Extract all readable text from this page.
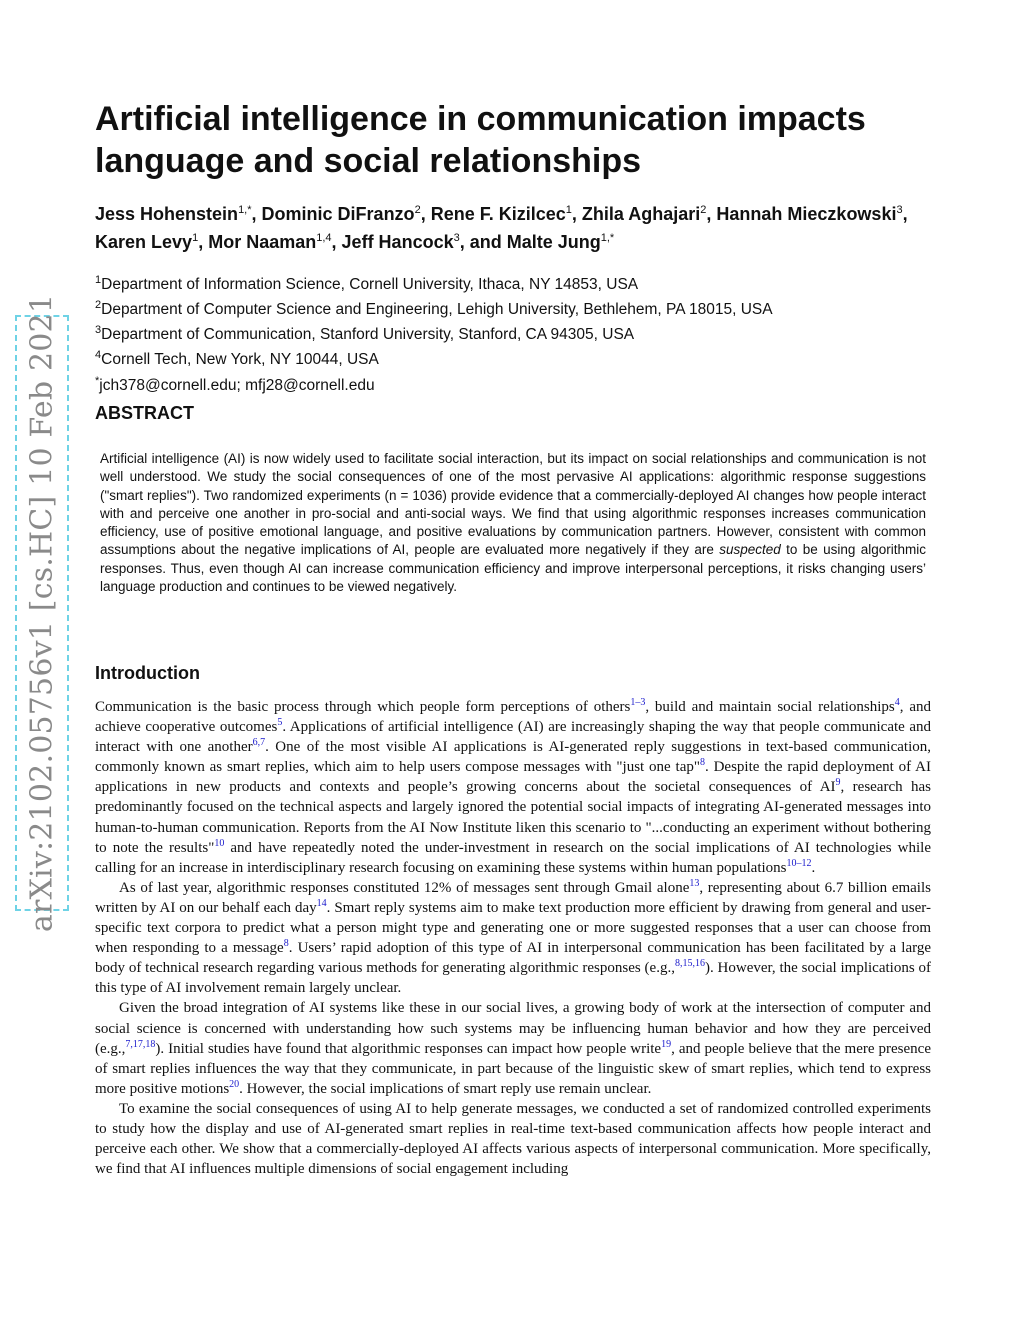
arXiv:2102.05756v1 [cs.HC] 10 Feb 2021
Artificial intelligence in communication impacts language and social relationships
Jess Hohenstein$^{1,*}$, Dominic DiFranzo$^2$, Rene F. Kizilcec$^1$, Zhila Aghajari$^2$, Hannah Mieczkowski$^3$, Karen Levy$^1$, Mor Naaman$^{1,4}$, Jeff Hancock$^3$, and Malte Jung$^{1,*}$
$^1$Department of Information Science, Cornell University, Ithaca, NY 14853, USA
$^2$Department of Computer Science and Engineering, Lehigh University, Bethlehem, PA 18015, USA
$^3$Department of Communication, Stanford University, Stanford, CA 94305, USA
$^4$Cornell Tech, New York, NY 10044, USA
*jch378@cornell.edu; mfj28@cornell.edu
ABSTRACT
Artificial intelligence (AI) is now widely used to facilitate social interaction, but its impact on social relationships and communication is not well understood. We study the social consequences of one of the most pervasive AI applications: algorithmic response suggestions ("smart replies"). Two randomized experiments (n = 1036) provide evidence that a commercially-deployed AI changes how people interact with and perceive one another in pro-social and anti-social ways. We find that using algorithmic responses increases communication efficiency, use of positive emotional language, and positive evaluations by communication partners. However, consistent with common assumptions about the negative implications of AI, people are evaluated more negatively if they are suspected to be using algorithmic responses. Thus, even though AI can increase communication efficiency and improve interpersonal perceptions, it risks changing users’ language production and continues to be viewed negatively.
Introduction

Communication is the basic process through which people form perceptions of others$^{1-3}$, build and maintain social relationships$^4$, and achieve cooperative outcomes$^5$. Applications of artificial intelligence (AI) are increasingly shaping the way that people communicate and interact with one another$^{6,7}$. One of the most visible AI applications is AI-generated reply suggestions in text-based communication, commonly known as smart replies, which aim to help users compose messages with "just one tap"$^8$. Despite the rapid deployment of AI applications in new products and contexts and people’s growing concerns about the societal consequences of AI$^9$, research has predominantly focused on the technical aspects and largely ignored the potential social impacts of integrating AI-generated messages into human-to-human communication. Reports from the AI Now Institute liken this scenario to "...conducting an experiment without bothering to note the results"$^{10}$ and have repeatedly noted the under-investment in research on the social implications of AI technologies while calling for an increase in interdisciplinary research focusing on examining these systems within human populations$^{10-12}$.

As of last year, algorithmic responses constituted 12% of messages sent through Gmail alone$^{13}$, representing about 6.7 billion emails written by AI on our behalf each day$^{14}$. Smart reply systems aim to make text production more efficient by drawing from general and user-specific text corpora to predict what a person might type and generating one or more suggested responses that a user can choose from when responding to a message$^8$. Users’ rapid adoption of this type of AI in interpersonal communication has been facilitated by a large body of technical research regarding various methods for generating algorithmic responses (e.g.,$^{8,15,16}$). However, the social implications of this type of AI involvement remain largely unclear.

Given the broad integration of AI systems like these in our social lives, a growing body of work at the intersection of computer and social science is concerned with understanding how such systems may be influencing human behavior and how they are perceived (e.g.,$^{7,17,18}$). Initial studies have found that algorithmic responses can impact how people write$^{19}$, and people believe that the mere presence of smart replies influences the way that they communicate, in part because of the linguistic skew of smart replies, which tend to express more positive motions$^{20}$. However, the social implications of smart reply use remain unclear.

To examine the social consequences of using AI to help generate messages, we conducted a set of randomized controlled experiments to study how the display and use of AI-generated smart replies in real-time text-based communication affects how people interact and perceive each other. We show that a commercially-deployed AI affects various aspects of interpersonal communication. More specifically, we find that AI influences multiple dimensions of social engagement including
